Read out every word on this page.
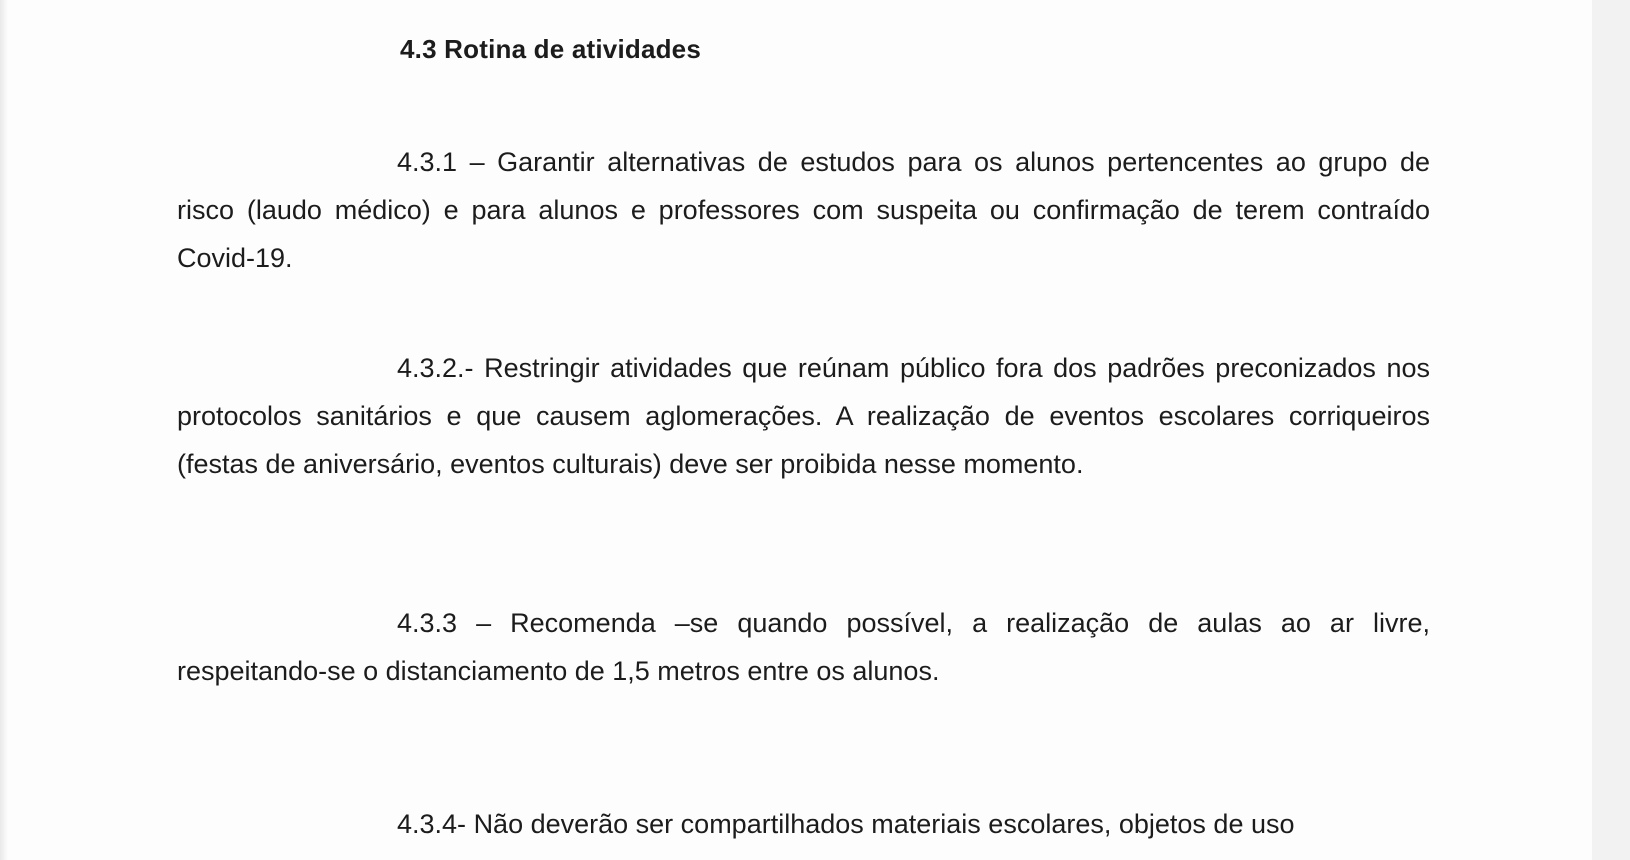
4.3 Rotina de atividades

4.3.1 – Garantir alternativas de estudos para os alunos pertencentes ao grupo de risco (laudo médico) e para alunos e professores com suspeita ou confirmação de terem contraído Covid-19.

4.3.2.- Restringir atividades que reúnam público fora dos padrões preconizados nos protocolos sanitários e que causem aglomerações. A realização de eventos escolares corriqueiros (festas de aniversário, eventos culturais) deve ser proibida nesse momento.

4.3.3 – Recomenda –se quando possível, a realização de aulas ao ar livre, respeitando-se o distanciamento de 1,5 metros entre os alunos.

4.3.4- Não deverão ser compartilhados materiais escolares, objetos de uso
